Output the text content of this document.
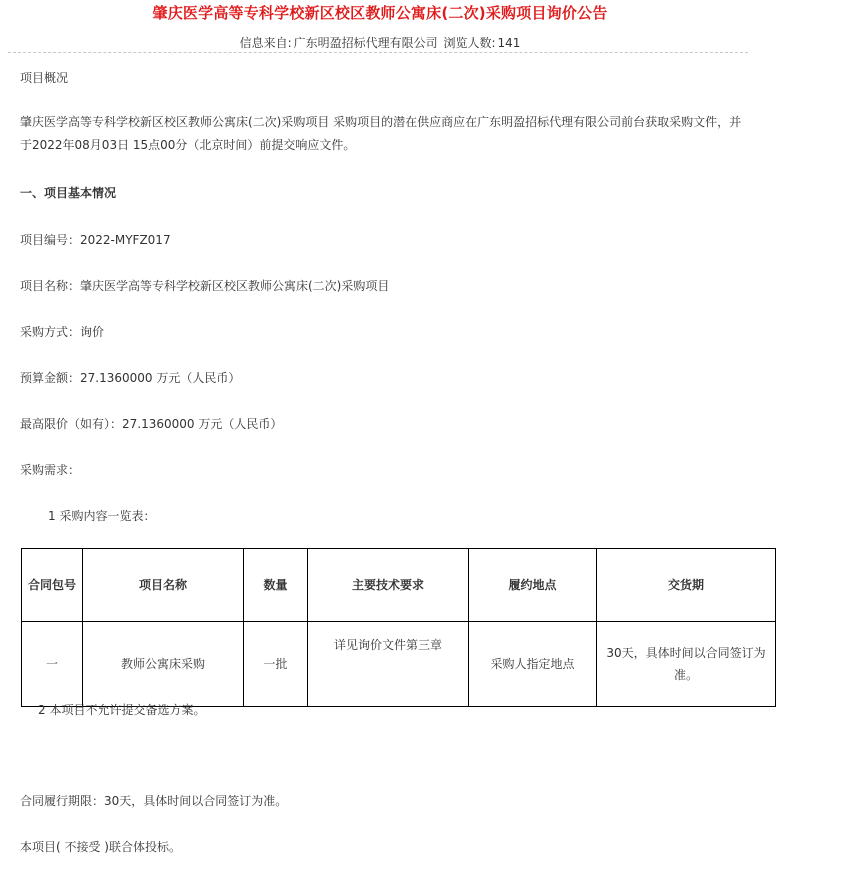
肇庆医学高等专科学校新区校区教师公寓床(二次)采购项目询价公告
信息来自: 广东明盈招标代理有限公司 浏览人数: 141
项目概况
肇庆医学高等专科学校新区校区教师公寓床(二次)采购项目 采购项目的潜在供应商应在广东明盈招标代理有限公司前台获取采购文件，并于2022年08月03日 15点00分（北京时间）前提交响应文件。
一、项目基本情况
项目编号：2022-MYFZ017
项目名称：肇庆医学高等专科学校新区校区教师公寓床(二次)采购项目
采购方式：询价
预算金额：27.1360000 万元（人民币）
最高限价（如有）：27.1360000 万元（人民币）
采购需求：
1 采购内容一览表：
合同包号	项目名称	数量	主要技术要求	履约地点	交货期
一	教师公寓床采购	一批	详见询价文件第三章	采购人指定地点	30天，具体时间以合同签订为准。
2 本项目不允许提交备选方案。
合同履行期限：30天，具体时间以合同签订为准。
本项目( 不接受 )联合体投标。
